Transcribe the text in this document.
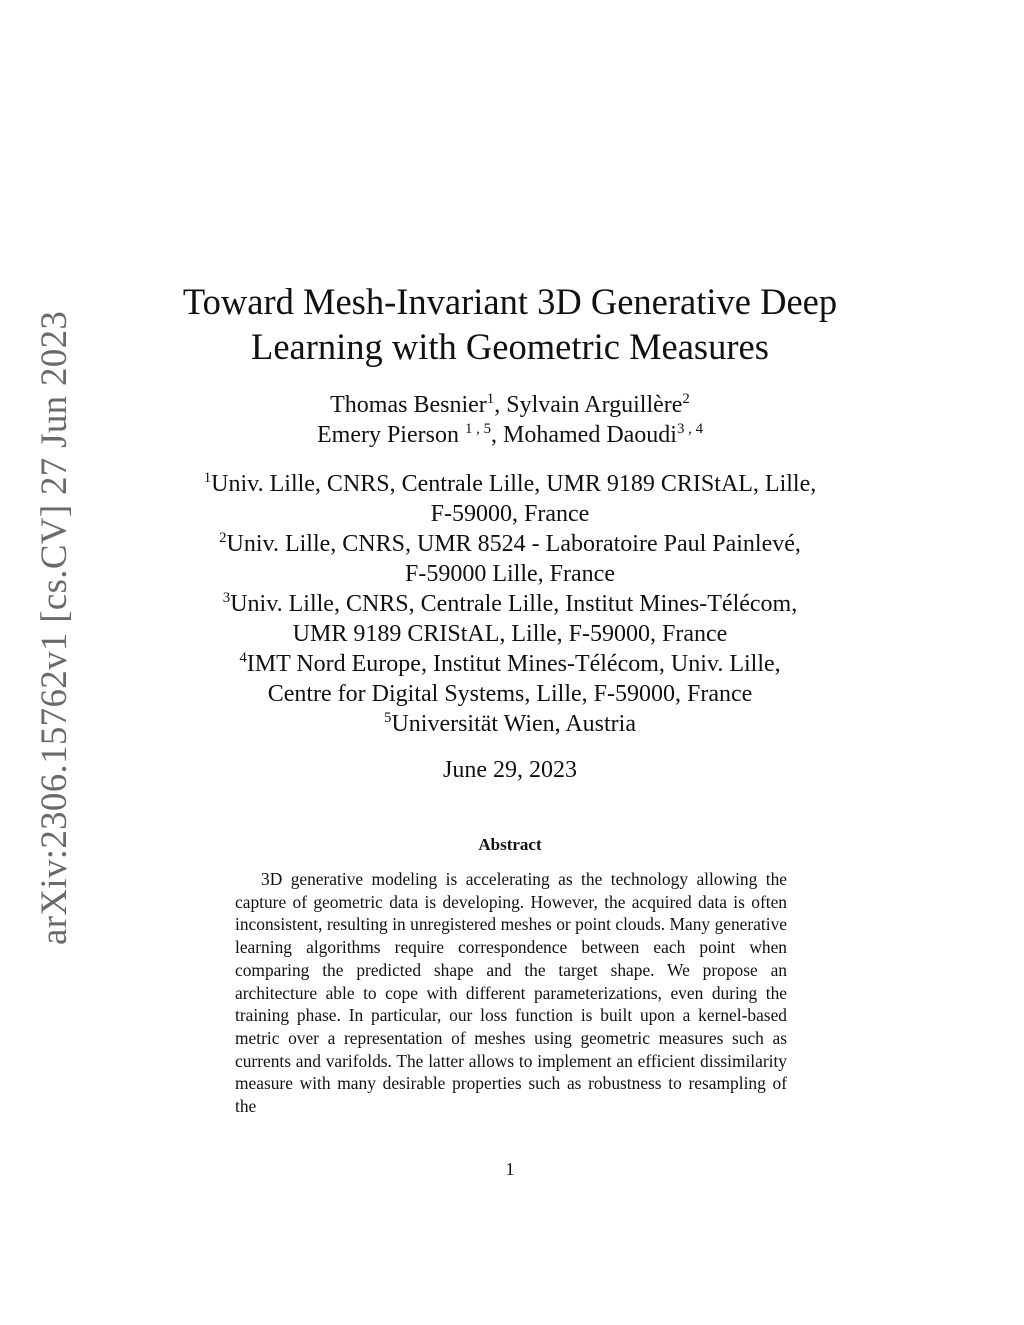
arXiv:2306.15762v1 [cs.CV] 27 Jun 2023
Toward Mesh-Invariant 3D Generative Deep
Learning with Geometric Measures
Thomas Besnier$^1$, Sylvain Arguillère$^2$
Emery Pierson $^{1 , 5}$, Mohamed Daoudi$^{3 , 4}$
$^1$Univ. Lille, CNRS, Centrale Lille, UMR 9189 CRIStAL, Lille,
F-59000, France
$^2$Univ. Lille, CNRS, UMR 8524 - Laboratoire Paul Painlevé,
F-59000 Lille, France
$^3$Univ. Lille, CNRS, Centrale Lille, Institut Mines-Télécom,
UMR 9189 CRIStAL, Lille, F-59000, France
$^4$IMT Nord Europe, Institut Mines-Télécom, Univ. Lille,
Centre for Digital Systems, Lille, F-59000, France
$^5$Universität Wien, Austria
June 29, 2023
Abstract

3D generative modeling is accelerating as the technology allowing the capture of geometric data is developing. However, the acquired data is often inconsistent, resulting in unregistered meshes or point clouds. Many generative learning algorithms require correspondence between each point when comparing the predicted shape and the target shape. We propose an architecture able to cope with different parameterizations, even during the training phase. In particular, our loss function is built upon a kernel-based metric over a representation of meshes using geometric measures such as currents and varifolds. The latter allows to implement an efficient dissimilarity measure with many desirable properties such as robustness to resampling of the

1
